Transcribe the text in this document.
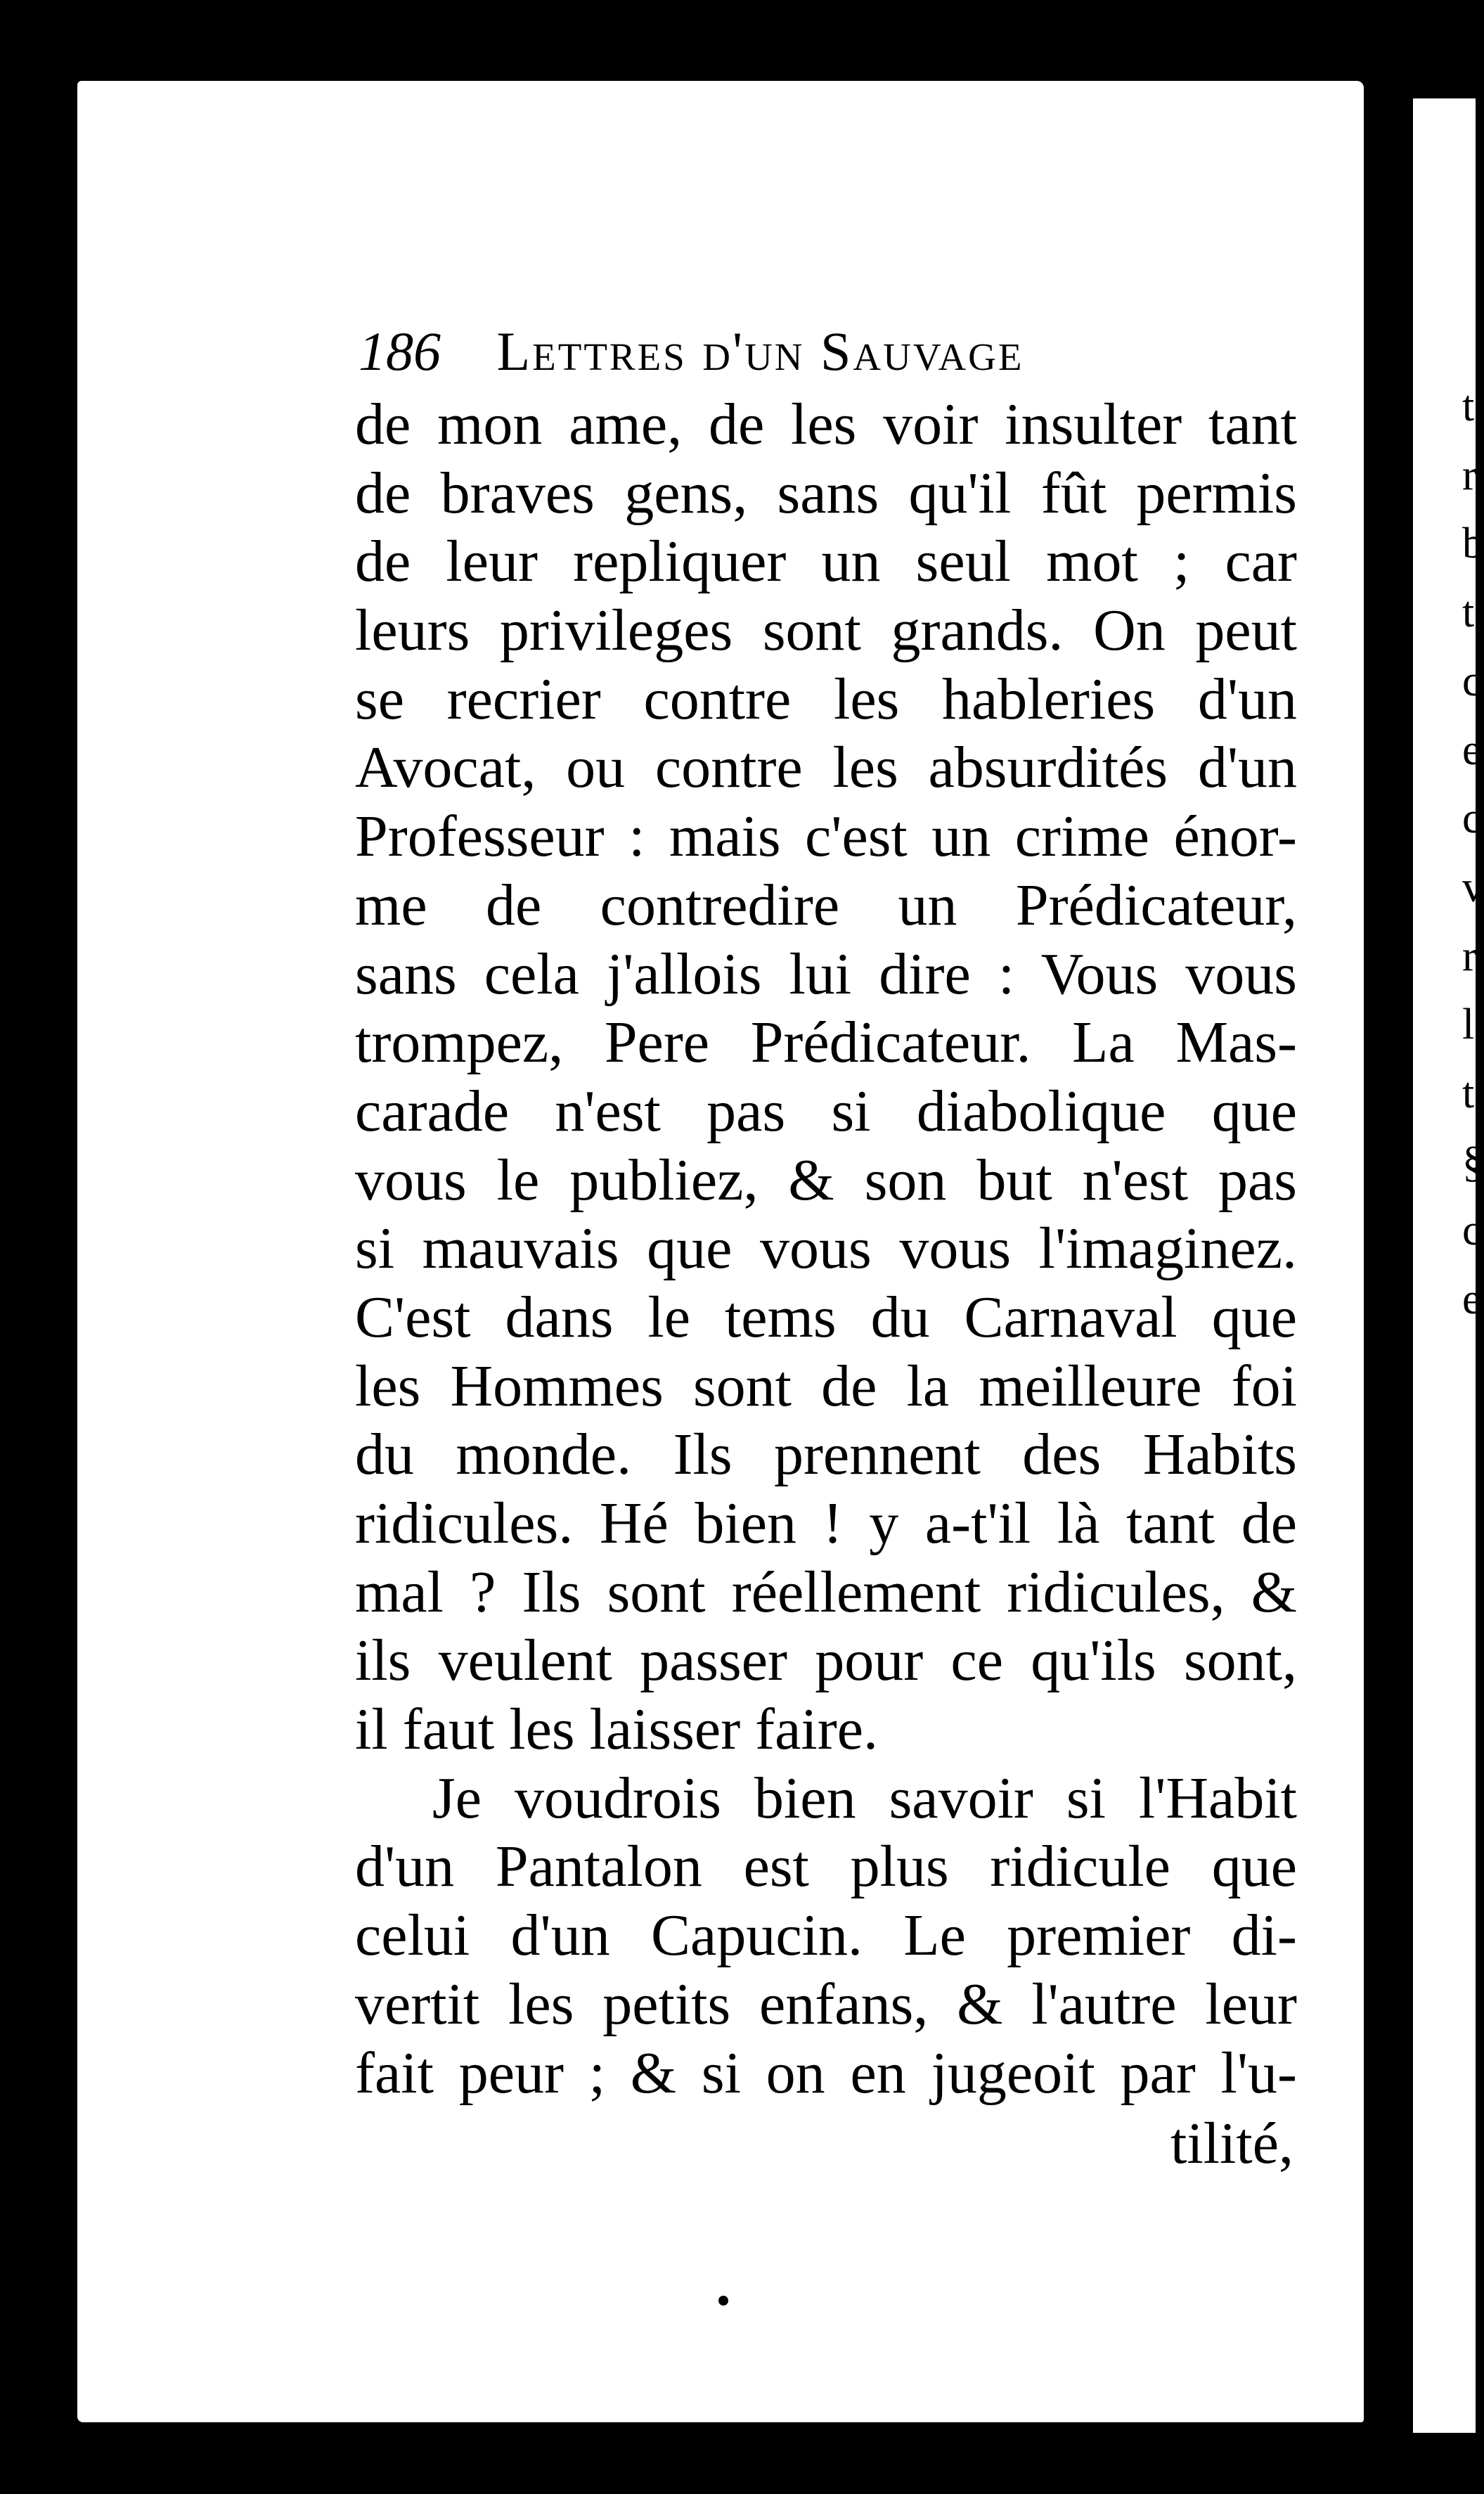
t
r
b
t
c
e
c
v
r
l
t
§
c
e
186 Lettres d'un Sauvage
de mon ame, de les voir insulter tant
de braves gens, sans qu'il fût permis
de leur repliquer un seul mot ; car
leurs privileges sont grands. On peut
se recrier contre les hableries d'un
Avocat, ou contre les absurdités d'un
Professeur : mais c'est un crime énor-
me de contredire un Prédicateur,
sans cela j'allois lui dire : Vous vous
trompez, Pere Prédicateur. La Mas-
carade n'est pas si diabolique que
vous le publiez, & son but n'est pas
si mauvais que vous vous l'imaginez.
C'est dans le tems du Carnaval que
les Hommes sont de la meilleure foi
du monde. Ils prennent des Habits
ridicules. Hé bien ! y a-t'il là tant de
mal ? Ils sont réellement ridicules, &
ils veulent passer pour ce qu'ils sont,
il faut les laisser faire.
Je voudrois bien savoir si l'Habit
d'un Pantalon est plus ridicule que
celui d'un Capucin. Le premier di-
vertit les petits enfans, & l'autre leur
fait peur ; & si on en jugeoit par l'u-
tilité,
